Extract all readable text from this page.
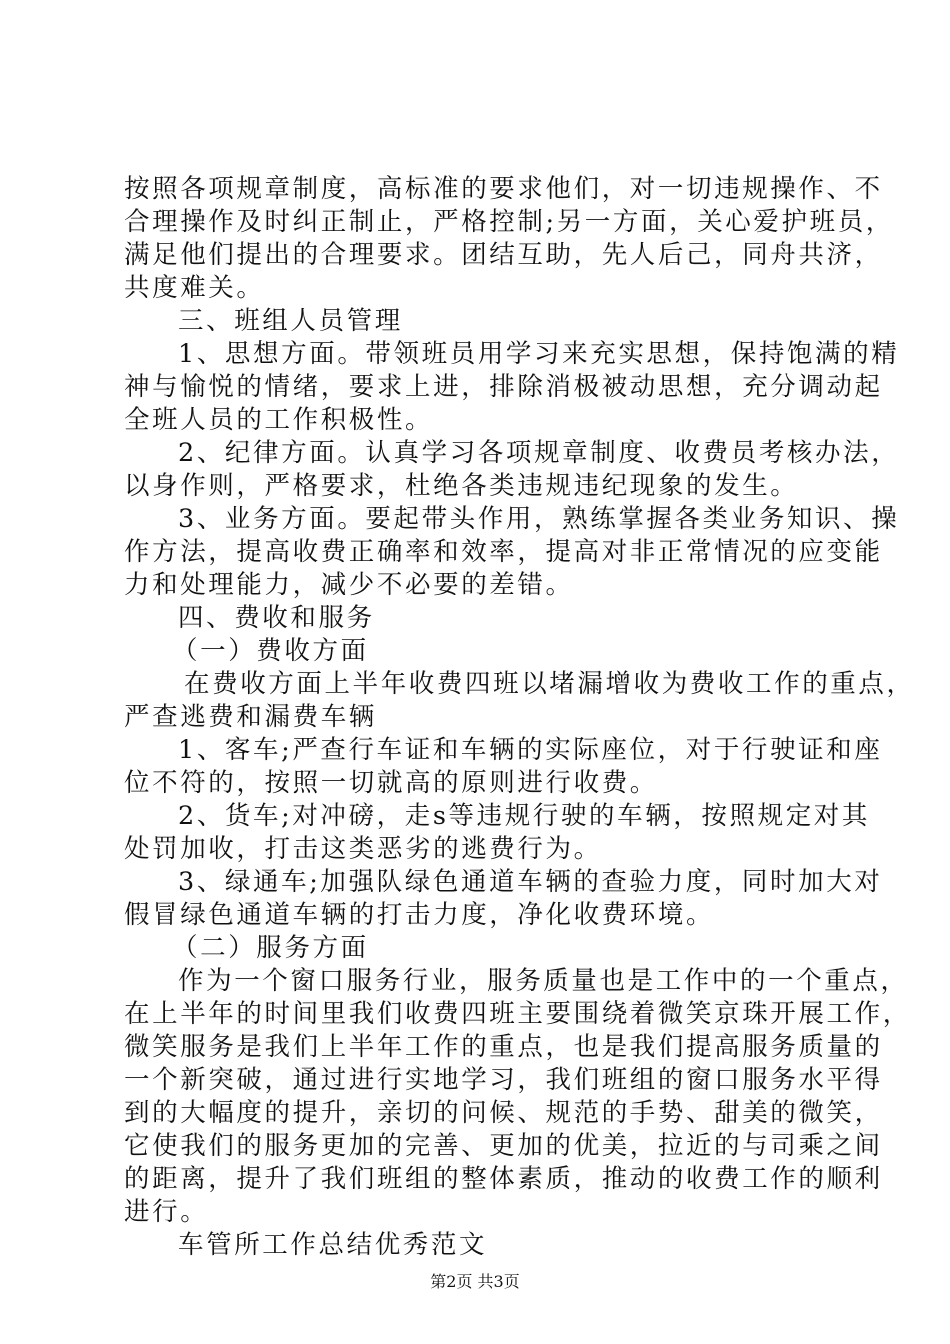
按照各项规章制度，高标准的要求他们，对一切违规操作、不
合理操作及时纠正制止，严格控制;另一方面，关心爱护班员，
满足他们提出的合理要求。团结互助，先人后己，同舟共济，
共度难关。
三、班组人员管理
1、思想方面。带领班员用学习来充实思想，保持饱满的精
神与愉悦的情绪，要求上进，排除消极被动思想，充分调动起
全班人员的工作积极性。
2、纪律方面。认真学习各项规章制度、收费员考核办法，
以身作则，严格要求，杜绝各类违规违纪现象的发生。
3、业务方面。要起带头作用，熟练掌握各类业务知识、操
作方法，提高收费正确率和效率，提高对非正常情况的应变能
力和处理能力，减少不必要的差错。
四、费收和服务
（一）费收方面
在费收方面上半年收费四班以堵漏增收为费收工作的重点，
严查逃费和漏费车辆
1、客车;严查行车证和车辆的实际座位，对于行驶证和座
位不符的，按照一切就高的原则进行收费。
2、货车;对冲磅，走s等违规行驶的车辆，按照规定对其
处罚加收，打击这类恶劣的逃费行为。
3、绿通车;加强队绿色通道车辆的查验力度，同时加大对
假冒绿色通道车辆的打击力度，净化收费环境。
（二）服务方面
作为一个窗口服务行业，服务质量也是工作中的一个重点，
在上半年的时间里我们收费四班主要围绕着微笑京珠开展工作，
微笑服务是我们上半年工作的重点，也是我们提高服务质量的
一个新突破，通过进行实地学习，我们班组的窗口服务水平得
到的大幅度的提升，亲切的问候、规范的手势、甜美的微笑，
它使我们的服务更加的完善、更加的优美，拉近的与司乘之间
的距离，提升了我们班组的整体素质，推动的收费工作的顺利
进行。
车管所工作总结优秀范文
第2页 共3页
